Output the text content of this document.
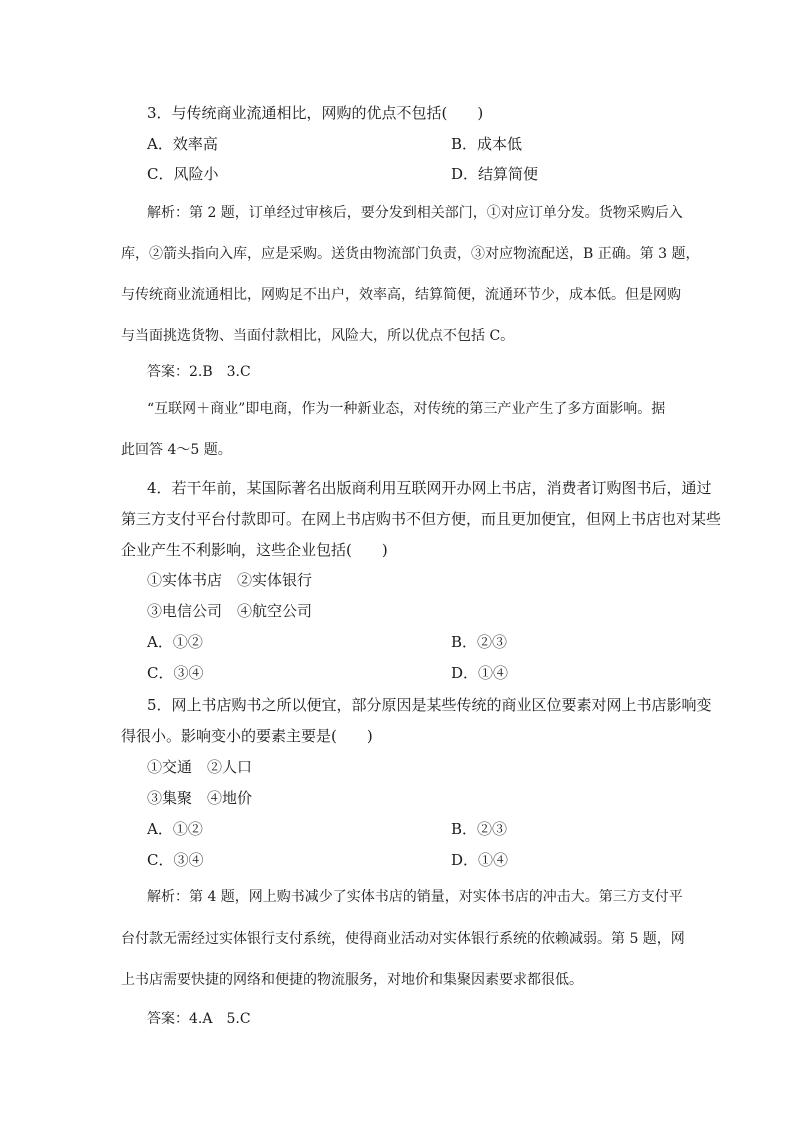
3．与传统商业流通相比，网购的优点不包括(　　)
A．效率高	B．成本低
C．风险小	D．结算简便
解析：第 2 题，订单经过审核后，要分发到相关部门，①对应订单分发。货物采购后入
库，②箭头指向入库，应是采购。送货由物流部门负责，③对应物流配送，B 正确。第 3 题，
与传统商业流通相比，网购足不出户，效率高，结算简便，流通环节少，成本低。但是网购
与当面挑选货物、当面付款相比，风险大，所以优点不包括 C。
答案：2.B　3.C
“互联网＋商业”即电商，作为一种新业态，对传统的第三产业产生了多方面影响。据
此回答 4～5 题。
4．若干年前，某国际著名出版商利用互联网开办网上书店，消费者订购图书后，通过
第三方支付平台付款即可。在网上书店购书不但方便，而且更加便宜，但网上书店也对某些
企业产生不利影响，这些企业包括(　　)
①实体书店　②实体银行
③电信公司　④航空公司
A．①②	B．②③
C．③④	D．①④
5．网上书店购书之所以便宜，部分原因是某些传统的商业区位要素对网上书店影响变
得很小。影响变小的要素主要是(　　)
①交通　②人口
③集聚　④地价
A．①②	B．②③
C．③④	D．①④
解析：第 4 题，网上购书减少了实体书店的销量，对实体书店的冲击大。第三方支付平
台付款无需经过实体银行支付系统，使得商业活动对实体银行系统的依赖减弱。第 5 题，网
上书店需要快捷的网络和便捷的物流服务，对地价和集聚因素要求都很低。
答案：4.A　5.C
